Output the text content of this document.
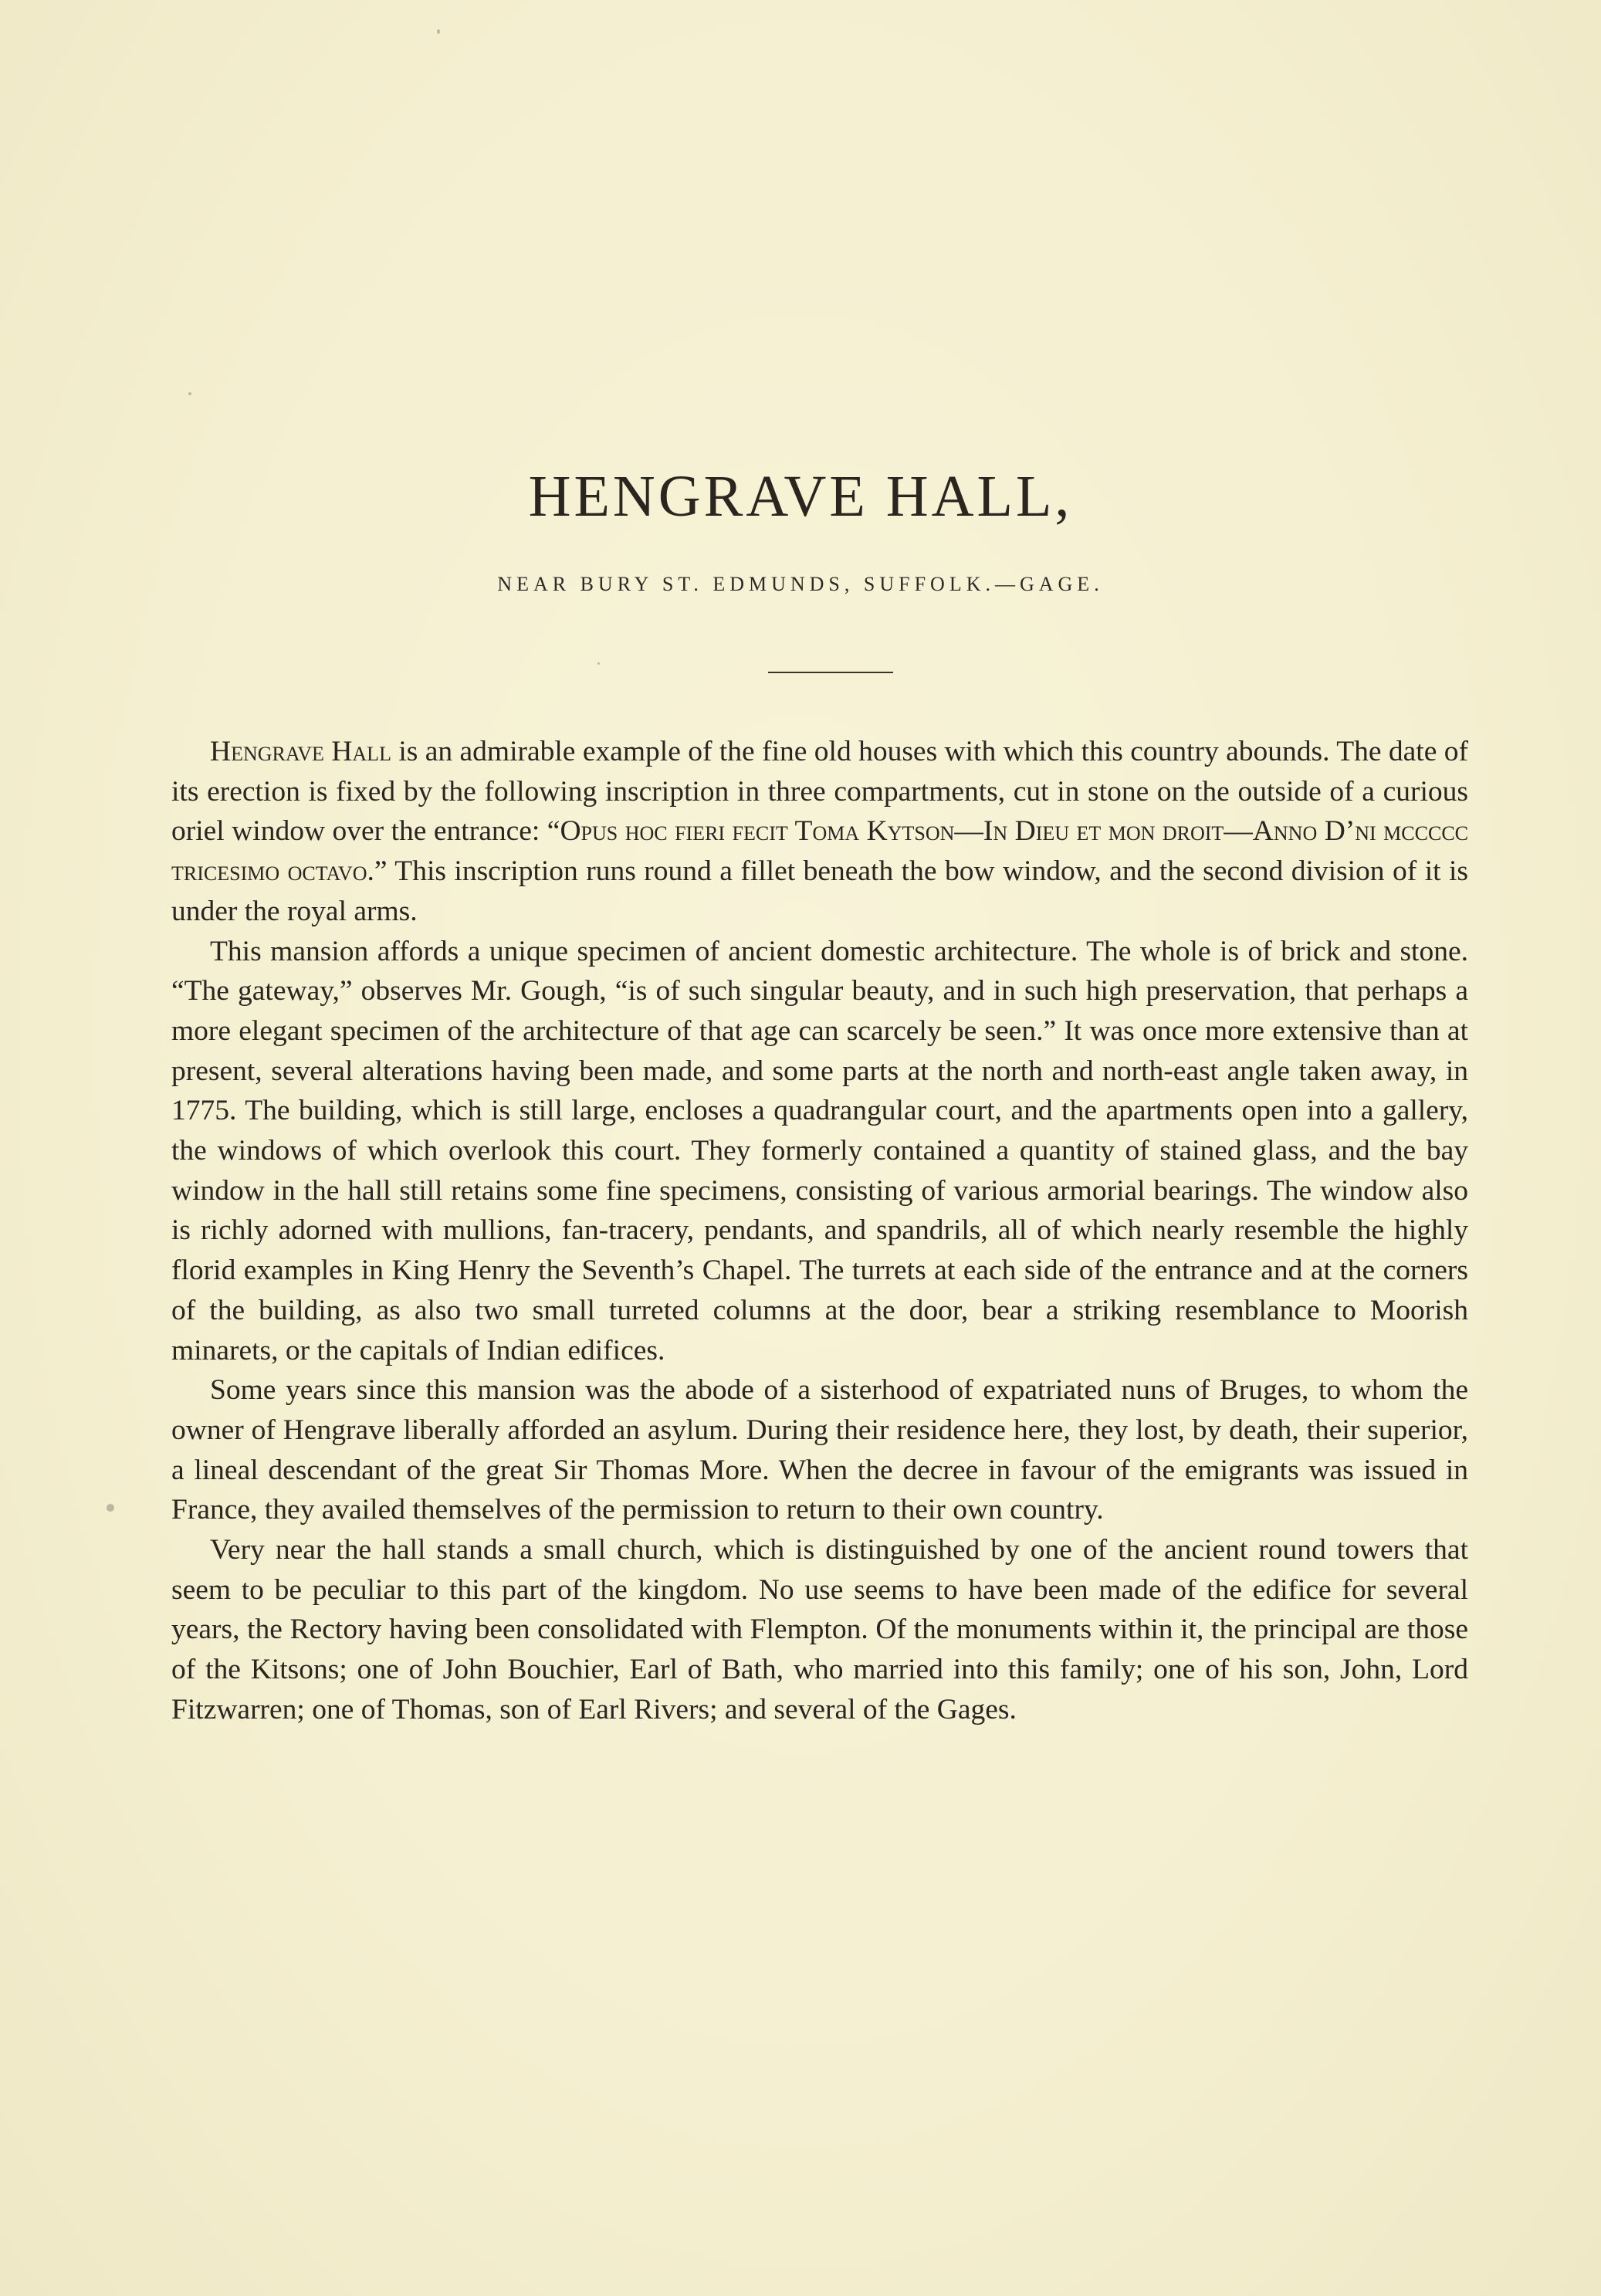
HENGRAVE HALL,
NEAR BURY ST. EDMUNDS, SUFFOLK.—GAGE.

Hengrave Hall is an admirable example of the fine old houses with which this country abounds. The date of its erection is fixed by the following inscription in three compartments, cut in stone on the outside of a curious oriel window over the entrance: “Opus hoc fieri fecit Toma Kytson—In Dieu et mon droit—Anno D’ni mccccc tricesimo octavo.” This inscription runs round a fillet beneath the bow window, and the second division of it is under the royal arms.

This mansion affords a unique specimen of ancient domestic architecture. The whole is of brick and stone. “The gateway,” observes Mr. Gough, “is of such singular beauty, and in such high preservation, that perhaps a more elegant specimen of the architecture of that age can scarcely be seen.” It was once more extensive than at present, several alterations having been made, and some parts at the north and north-east angle taken away, in 1775. The building, which is still large, encloses a quadrangular court, and the apartments open into a gallery, the windows of which overlook this court. They formerly contained a quantity of stained glass, and the bay window in the hall still retains some fine specimens, consisting of various armorial bearings. The window also is richly adorned with mullions, fan-tracery, pendants, and spandrils, all of which nearly resemble the highly florid examples in King Henry the Seventh’s Chapel. The turrets at each side of the entrance and at the corners of the building, as also two small turreted columns at the door, bear a striking resemblance to Moorish minarets, or the capitals of Indian edifices.

Some years since this mansion was the abode of a sisterhood of expatriated nuns of Bruges, to whom the owner of Hengrave liberally afforded an asylum. During their residence here, they lost, by death, their superior, a lineal descendant of the great Sir Thomas More. When the decree in favour of the emigrants was issued in France, they availed themselves of the permission to return to their own country.

Very near the hall stands a small church, which is distinguished by one of the ancient round towers that seem to be peculiar to this part of the kingdom. No use seems to have been made of the edifice for several years, the Rectory having been consolidated with Flempton. Of the monuments within it, the principal are those of the Kitsons; one of John Bouchier, Earl of Bath, who married into this family; one of his son, John, Lord Fitzwarren; one of Thomas, son of Earl Rivers; and several of the Gages.
